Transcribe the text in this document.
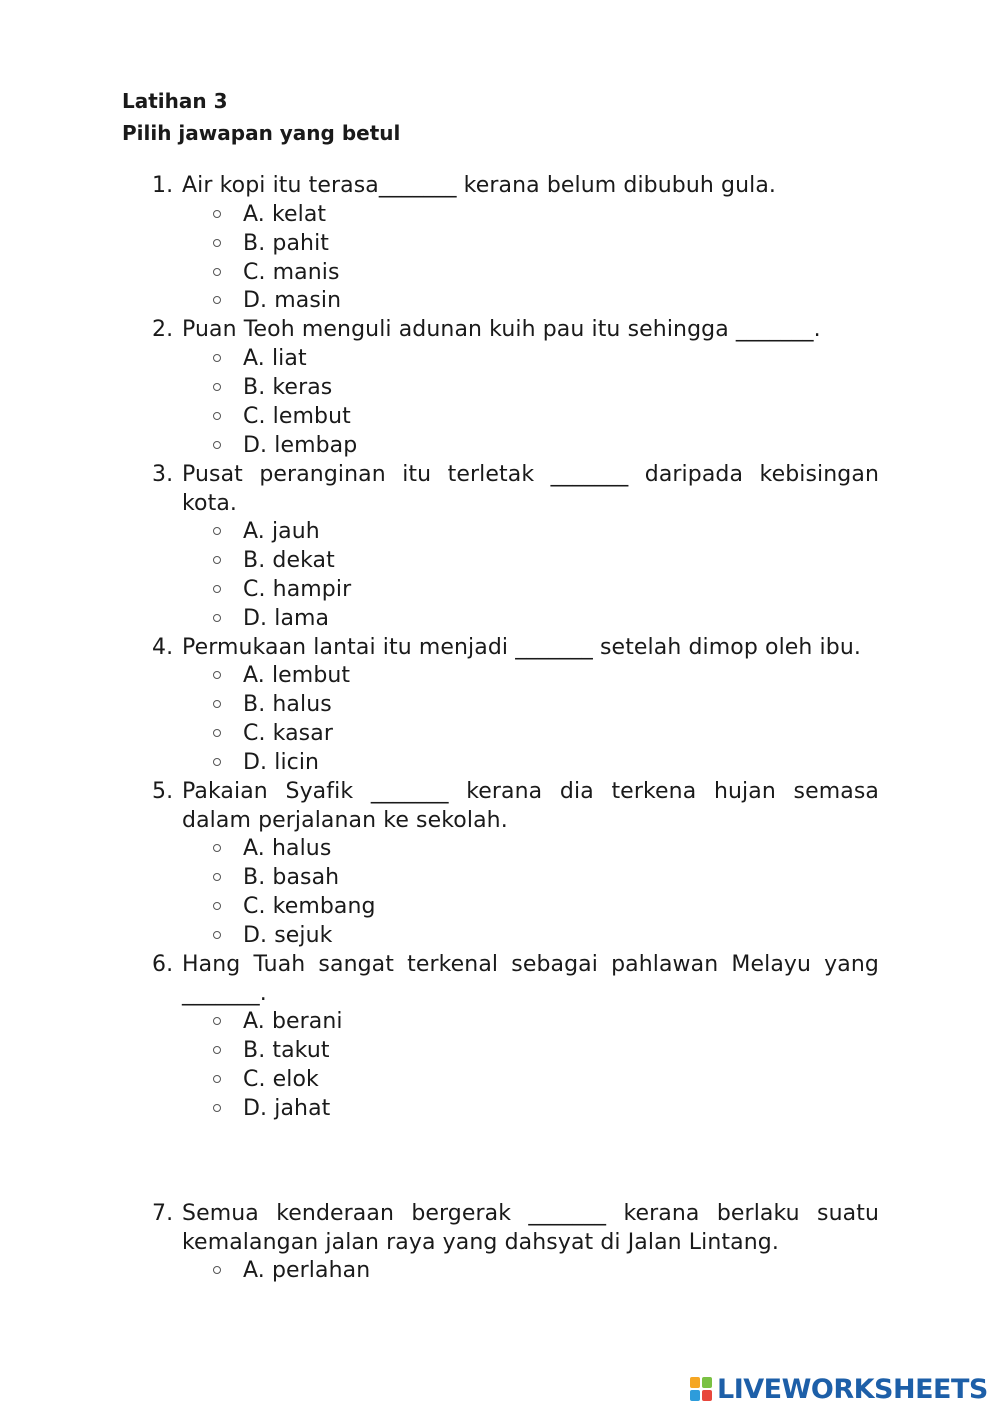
Latihan 3
Pilih jawapan yang betul
1. Air kopi itu terasa_______ kerana belum dibubuh gula.
A. kelat
B. pahit
C. manis
D. masin
2. Puan Teoh menguli adunan kuih pau itu sehingga _______.
A. liat
B. keras
C. lembut
D. lembap
3. Pusat peranginan itu terletak _______ daripada kebisingan kota.
A. jauh
B. dekat
C. hampir
D. lama
4. Permukaan lantai itu menjadi _______ setelah dimop oleh ibu.
A. lembut
B. halus
C. kasar
D. licin
5. Pakaian Syafik _______ kerana dia terkena hujan semasa dalam perjalanan ke sekolah.
A. halus
B. basah
C. kembang
D. sejuk
6. Hang Tuah sangat terkenal sebagai pahlawan Melayu yang _______.
A. berani
B. takut
C. elok
D. jahat
7. Semua kenderaan bergerak _______ kerana berlaku suatu kemalangan jalan raya yang dahsyat di Jalan Lintang.
A. perlahan
LIVEWORKSHEETS
